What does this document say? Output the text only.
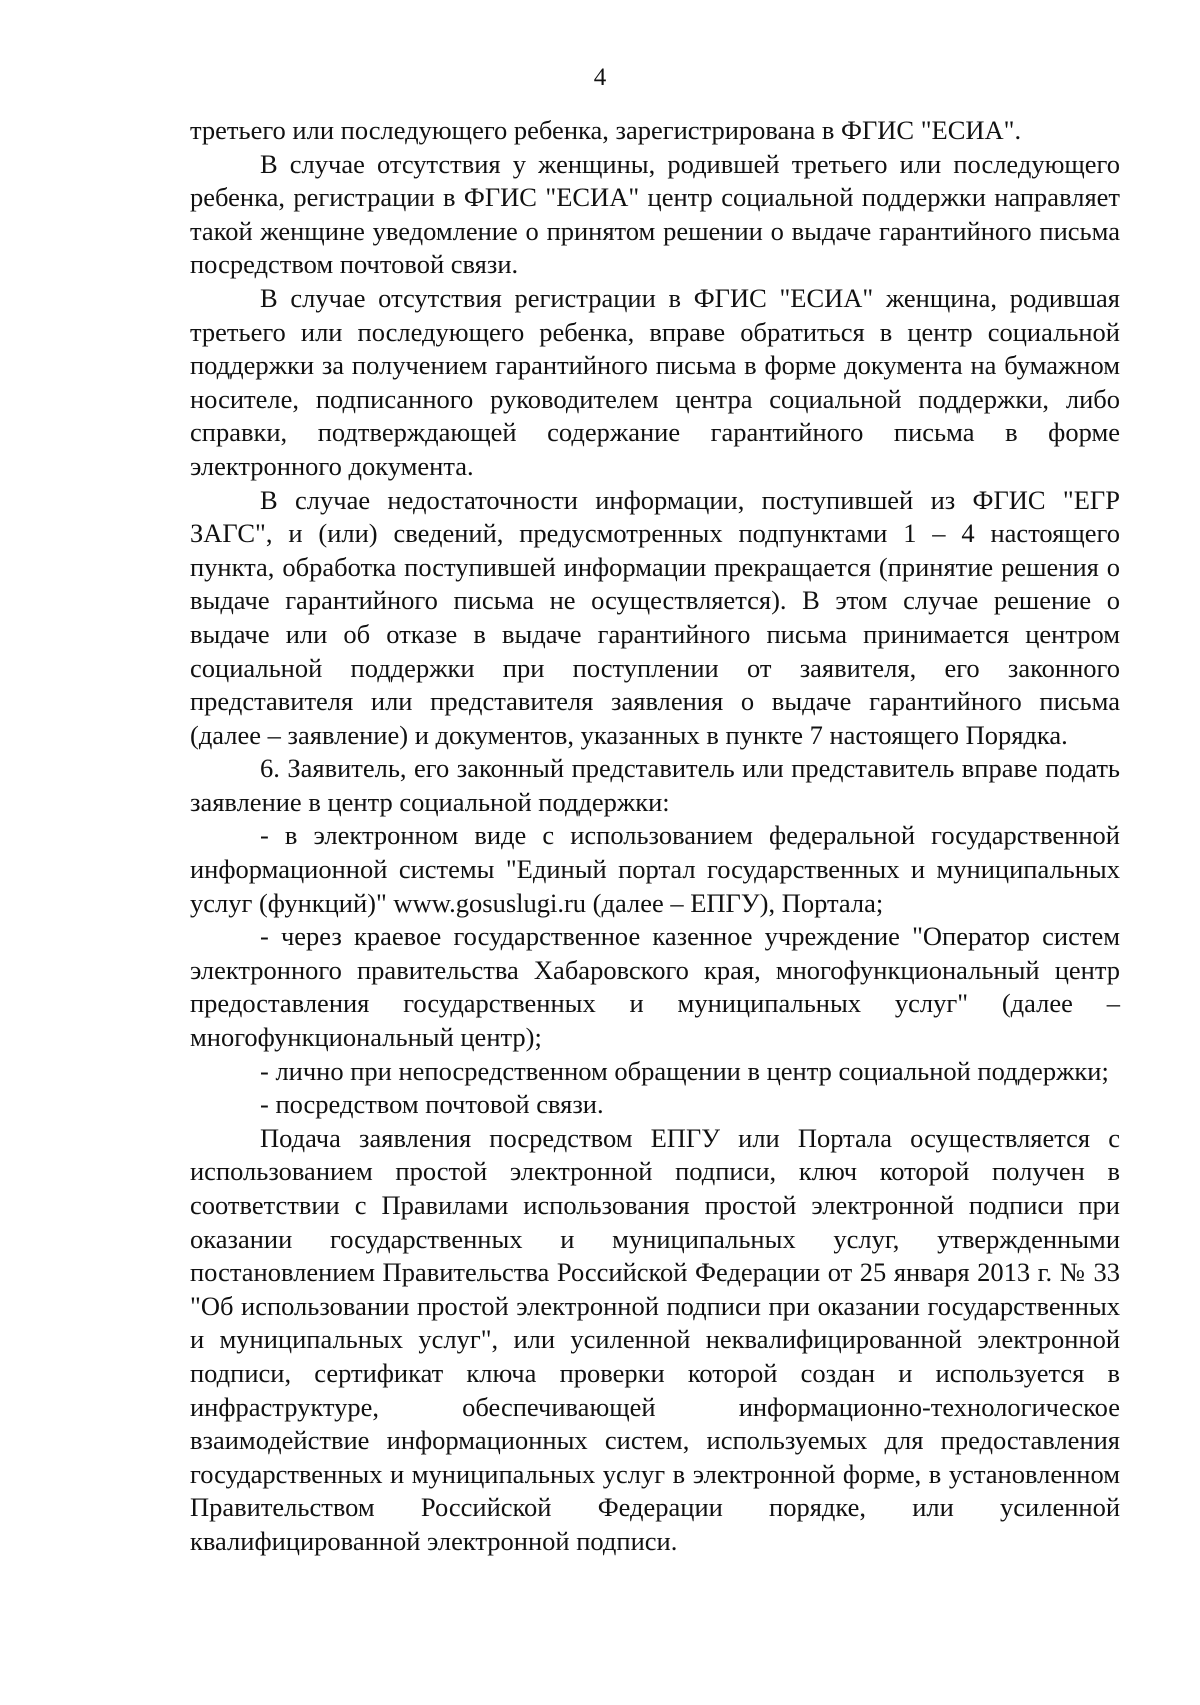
4

третьего или последующего ребенка, зарегистрирована в ФГИС "ЕСИА".

В случае отсутствия у женщины, родившей третьего или последующего ребенка, регистрации в ФГИС "ЕСИА" центр социальной поддержки направляет такой женщине уведомление о принятом решении о выдаче гарантийного письма посредством почтовой связи.

В случае отсутствия регистрации в ФГИС "ЕСИА" женщина, родившая третьего или последующего ребенка, вправе обратиться в центр социальной поддержки за получением гарантийного письма в форме документа на бумажном носителе, подписанного руководителем центра социальной поддержки, либо справки, подтверждающей содержание гарантийного письма в форме электронного документа.

В случае недостаточности информации, поступившей из ФГИС "ЕГР ЗАГС", и (или) сведений, предусмотренных подпунктами 1 – 4 настоящего пункта, обработка поступившей информации прекращается (принятие решения о выдаче гарантийного письма не осуществляется). В этом случае решение о выдаче или об отказе в выдаче гарантийного письма принимается центром социальной поддержки при поступлении от заявителя, его законного представителя или представителя заявления о выдаче гарантийного письма (далее – заявление) и документов, указанных в пункте 7 настоящего Порядка.

6. Заявитель, его законный представитель или представитель вправе подать заявление в центр социальной поддержки:

- в электронном виде с использованием федеральной государственной информационной системы "Единый портал государственных и муниципальных услуг (функций)" www.gosuslugi.ru (далее – ЕПГУ), Портала;

- через краевое государственное казенное учреждение "Оператор систем электронного правительства Хабаровского края, многофункциональный центр предоставления государственных и муниципальных услуг" (далее – многофункциональный центр);

- лично при непосредственном обращении в центр социальной поддержки;

- посредством почтовой связи.

Подача заявления посредством ЕПГУ или Портала осуществляется с использованием простой электронной подписи, ключ которой получен в соответствии с Правилами использования простой электронной подписи при оказании государственных и муниципальных услуг, утвержденными постановлением Правительства Российской Федерации от 25 января 2013 г. № 33 "Об использовании простой электронной подписи при оказании государственных и муниципальных услуг", или усиленной неквалифицированной электронной подписи, сертификат ключа проверки которой создан и используется в инфраструктуре, обеспечивающей информационно-технологическое взаимодействие информационных систем, используемых для предоставления государственных и муниципальных услуг в электронной форме, в установленном Правительством Российской Федерации порядке, или усиленной квалифицированной электронной подписи.
